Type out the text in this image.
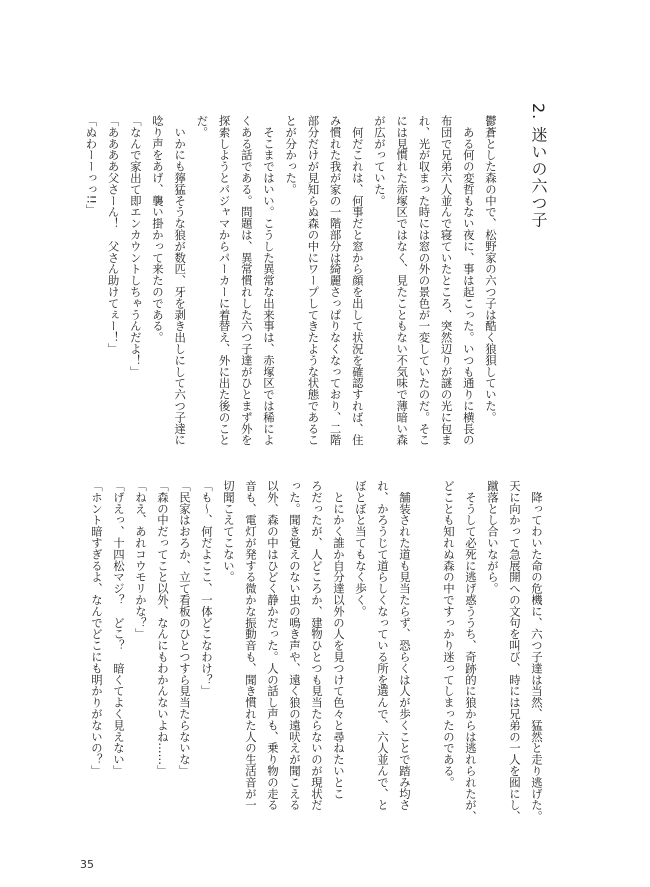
2. 迷いの六つ子
鬱蒼とした森の中で、松野家の六つ子は酷く狼狽していた。
　ある何の変哲もない夜に、事は起こった。いつも通りに横長の
布団で兄弟六人並んで寝ていたところ、突然辺りが謎の光に包ま
れ、光が収まった時には窓の外の景色が一変していたのだ。そこ
には見慣れた赤塚区ではなく、見たこともない不気味で薄暗い森
が広がっていた。
　何だこれは、何事だと窓から顔を出して状況を確認すれば、住
み慣れた我が家の一階部分は綺麗さっぱりなくなっており、二階
部分だけが見知らぬ森の中にワープしてきたような状態であるこ
とが分かった。
　そこまではいい。こうした異常な出来事は、赤塚区では稀によ
くある話である。問題は、異常慣れした六つ子達がひとまず外を
探索しようとパジャマからパーカーに着替え、外に出た後のこと
だ。
　いかにも獰猛そうな狼が数匹、牙を剥き出しにして六つ子達に
唸り声をあげ、襲い掛かって来たのである。
「なんで家出て即エンカウントしちゃうんだよ！」
「ああああ父さーん！　父さん助けてぇー！」
「ぬわーーっっ!!」
　降ってわいた命の危機に、六つ子達は当然、猛然と走り逃げた。
天に向かって急展開への文句を叫び、時には兄弟の一人を囮にし、
蹴落とし合いながら。
　そうして必死に逃げ惑ううち、奇跡的に狼からは逃れられたが、
どことも知れぬ森の中ですっかり迷ってしまったのである。
　舗装された道も見当たらず、恐らくは人が歩くことで踏み均さ
れ、かろうじて道らしくなっている所を選んで、六人並んで、と
ぼとぼと当てもなく歩く。
　とにかく誰か自分達以外の人を見つけて色々と尋ねたいとこ
ろだったが、人どころか、建物ひとつも見当たらないのが現状だ
った。聞き覚えのない虫の鳴き声や、遠く狼の遠吠えが聞こえる
以外、森の中はひどく静かだった。人の話し声も、乗り物の走る
音も、電灯が発する微かな振動音も、聞き慣れた人の生活音が一
切聞こえてこない。
「も〜、何だよここ、一体どこなわけ？」
「民家はおろか、立て看板のひとつすら見当たらないな」
「森の中だってこと以外、なんにもわかんないよね……」
「ねえ、あれコウモリかな？」
「げえっ、十四松マジ？　どこ？　暗くてよく見えない」
「ホント暗すぎるよ、なんでどこにも明かりがないの？」
35
